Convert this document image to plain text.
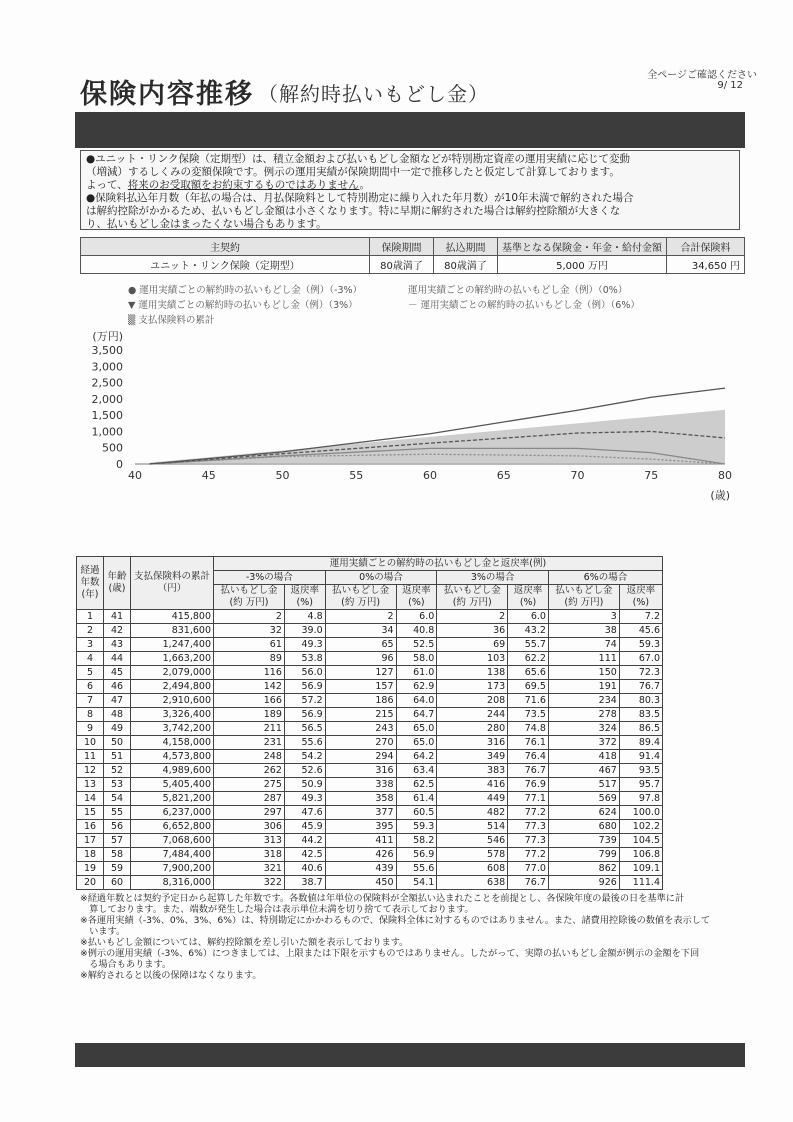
保険内容推移 （解約時払いもどし金）
全ページご確認ください
9/ 12

●ユニット・リンク保険（定期型）は、積立金額および払いもどし金額などが特別勘定資産の運用実績に応じて変動

（増減）するしくみの変額保険です。例示の運用実績が保険期間中一定で推移したと仮定して計算しております。

よって、将来のお受取額をお約束するものではありません。

●保険料払込年月数（年払の場合は、月払保険料として特別勘定に繰り入れた年月数）が10年未満で解約された場合

は解約控除がかかるため、払いもどし金額は小さくなります。特に早期に解約された場合は解約控除額が大きくな

り、払いもどし金はまったくない場合もあります。

主契約	保険期間	払込期間	基準となる保険金・年金・給付金額	合計保険料
ユニット・リンク保険（定期型）	80歳満了	80歳満了	5,000 万円	34,650 円
● 運用実績ごとの解約時の払いもどし金（例）（-3%）	運用実績ごとの解約時の払いもどし金（例）（0%）
▼ 運用実績ごとの解約時の払いもどし金（例）（3%）	－ 運用実績ごとの解約時の払いもどし金（例）（6%）
▒ 支払保険料の累計
3,500
3,000
2,500
2,000
1,500
1,000
500
0
40	45	50	55	60	65	70	75	80
(万円)
(歳)
経過年数(年)	年齢(歳)	支払保険料の累計
（円）	運用実績ごとの解約時の払いもどし金と返戻率(例)							
			-3%の場合		0%の場合		3%の場合		6%の場合	
			払いもどし金(約 万円)	返戻率(%)	払いもどし金(約 万円)	返戻率(%)	払いもどし金(約 万円)	返戻率(%)	払いもどし金(約 万円)	返戻率(%)
1	41	415,800	2	4.8	2	6.0	2	6.0	3	7.2
2	42	831,600	32	39.0	34	40.8	36	43.2	38	45.6
3	43	1,247,400	61	49.3	65	52.5	69	55.7	74	59.3
4	44	1,663,200	89	53.8	96	58.0	103	62.2	111	67.0
5	45	2,079,000	116	56.0	127	61.0	138	65.6	150	72.3
6	46	2,494,800	142	56.9	157	62.9	173	69.5	191	76.7
7	47	2,910,600	166	57.2	186	64.0	208	71.6	234	80.3
8	48	3,326,400	189	56.9	215	64.7	244	73.5	278	83.5
9	49	3,742,200	211	56.5	243	65.0	280	74.8	324	86.5
10	50	4,158,000	231	55.6	270	65.0	316	76.1	372	89.4
11	51	4,573,800	248	54.2	294	64.2	349	76.4	418	91.4
12	52	4,989,600	262	52.6	316	63.4	383	76.7	467	93.5
13	53	5,405,400	275	50.9	338	62.5	416	76.9	517	95.7
14	54	5,821,200	287	49.3	358	61.4	449	77.1	569	97.8
15	55	6,237,000	297	47.6	377	60.5	482	77.2	624	100.0
16	56	6,652,800	306	45.9	395	59.3	514	77.3	680	102.2
17	57	7,068,600	313	44.2	411	58.2	546	77.3	739	104.5
18	58	7,484,400	318	42.5	426	56.9	578	77.2	799	106.8
19	59	7,900,200	321	40.6	439	55.6	608	77.0	862	109.1
20	60	8,316,000	322	38.7	450	54.1	638	76.7	926	111.4

※経過年数とは契約予定日から起算した年数です。各数値は年単位の保険料が全額払い込まれたことを前提とし、各保険年度の最後の日を基準に計

　算しております。また、端数が発生した場合は表示単位未満を切り捨てて表示しております。

※各運用実績（-3%、0%、3%、6%）は、特別勘定にかかわるもので、保険料全体に対するものではありません。また、諸費用控除後の数値を表示して

　います。

※払いもどし金額については、解約控除額を差し引いた額を表示しております。

※例示の運用実績（-3%、6%）につきましては、上限または下限を示すものではありません。したがって、実際の払いもどし金額が例示の金額を下回

　る場合もあります。

※解約されると以後の保障はなくなります。
